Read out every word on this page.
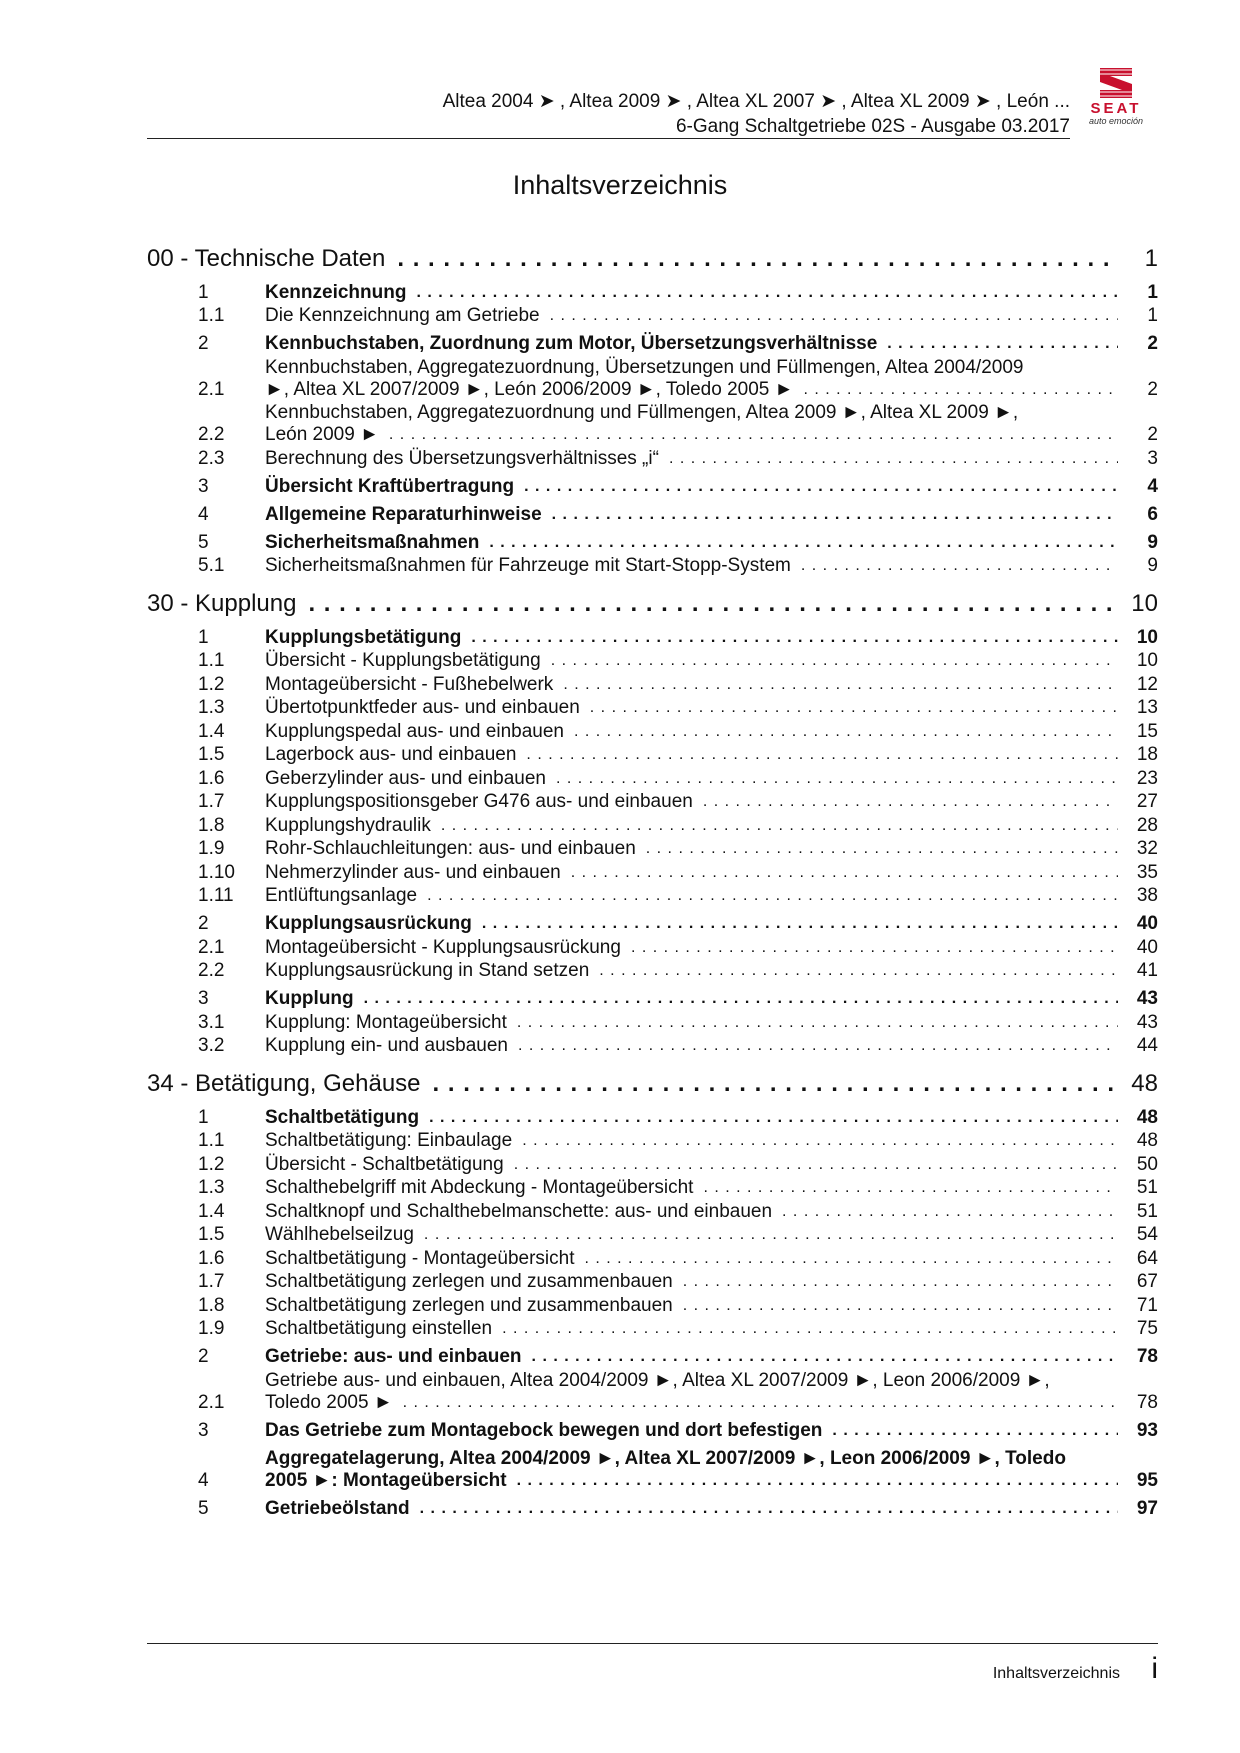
Altea 2004 ➤ , Altea 2009 ➤ , Altea XL 2007 ➤ , Altea XL 2009 ➤ , León ...
6-Gang Schaltgetriebe 02S - Ausgabe 03.2017
SEAT
auto emoción
Inhaltsverzeichnis
00 - Technische Daten . . .	1
1	Kennzeichnung . . .	1
1.1	Die Kennzeichnung am Getriebe . . .	1
2	Kennbuchstaben, Zuordnung zum Motor, Übersetzungsverhältnisse . . .	2
2.1
Kennbuchstaben, Aggregatezuordnung, Übersetzungen und Füllmengen, Altea 2004/2009
►, Altea XL 2007/2009 ►, León 2006/2009 ►, Toledo 2005 ► . . .	2
2.2
Kennbuchstaben, Aggregatezuordnung und Füllmengen, Altea 2009 ►, Altea XL 2009 ►,
León 2009 ► . . .	2
2.3	Berechnung des Übersetzungsverhältnisses „i“ . . .	3
3	Übersicht Kraftübertragung . . .	4
4	Allgemeine Reparaturhinweise . . .	6
5	Sicherheitsmaßnahmen . . .	9
5.1	Sicherheitsmaßnahmen für Fahrzeuge mit Start-Stopp-System . . .	9
30 - Kupplung . . .	10
1	Kupplungsbetätigung . . .	10
1.1	Übersicht - Kupplungsbetätigung . . .	10
1.2	Montageübersicht - Fußhebelwerk . . .	12
1.3	Übertotpunktfeder aus- und einbauen . . .	13
1.4	Kupplungspedal aus- und einbauen . . .	15
1.5	Lagerbock aus- und einbauen . . .	18
1.6	Geberzylinder aus- und einbauen . . .	23
1.7	Kupplungspositionsgeber G476 aus- und einbauen . . .	27
1.8	Kupplungshydraulik . . .	28
1.9	Rohr-Schlauchleitungen: aus- und einbauen . . .	32
1.10	Nehmerzylinder aus- und einbauen . . .	35
1.11	Entlüftungsanlage . . .	38
2	Kupplungsausrückung . . .	40
2.1	Montageübersicht - Kupplungsausrückung . . .	40
2.2	Kupplungsausrückung in Stand setzen . . .	41
3	Kupplung . . .	43
3.1	Kupplung: Montageübersicht . . .	43
3.2	Kupplung ein- und ausbauen . . .	44
34 - Betätigung, Gehäuse . . .	48
1	Schaltbetätigung . . .	48
1.1	Schaltbetätigung: Einbaulage . . .	48
1.2	Übersicht - Schaltbetätigung . . .	50
1.3	Schalthebelgriff mit Abdeckung - Montageübersicht . . .	51
1.4	Schaltknopf und Schalthebelmanschette: aus- und einbauen . . .	51
1.5	Wählhebelseilzug . . .	54
1.6	Schaltbetätigung - Montageübersicht . . .	64
1.7	Schaltbetätigung zerlegen und zusammenbauen . . .	67
1.8	Schaltbetätigung zerlegen und zusammenbauen . . .	71
1.9	Schaltbetätigung einstellen . . .	75
2	Getriebe: aus- und einbauen . . .	78
2.1
Getriebe aus- und einbauen, Altea 2004/2009 ►, Altea XL 2007/2009 ►, Leon 2006/2009 ►,
Toledo 2005 ► . . .	78
3	Das Getriebe zum Montagebock bewegen und dort befestigen . . .	93
4
Aggregatelagerung, Altea 2004/2009 ►, Altea XL 2007/2009 ►, Leon 2006/2009 ►, Toledo
2005 ►: Montageübersicht . . .	95
5	Getriebeölstand . . .	97
Inhaltsverzeichnis i
